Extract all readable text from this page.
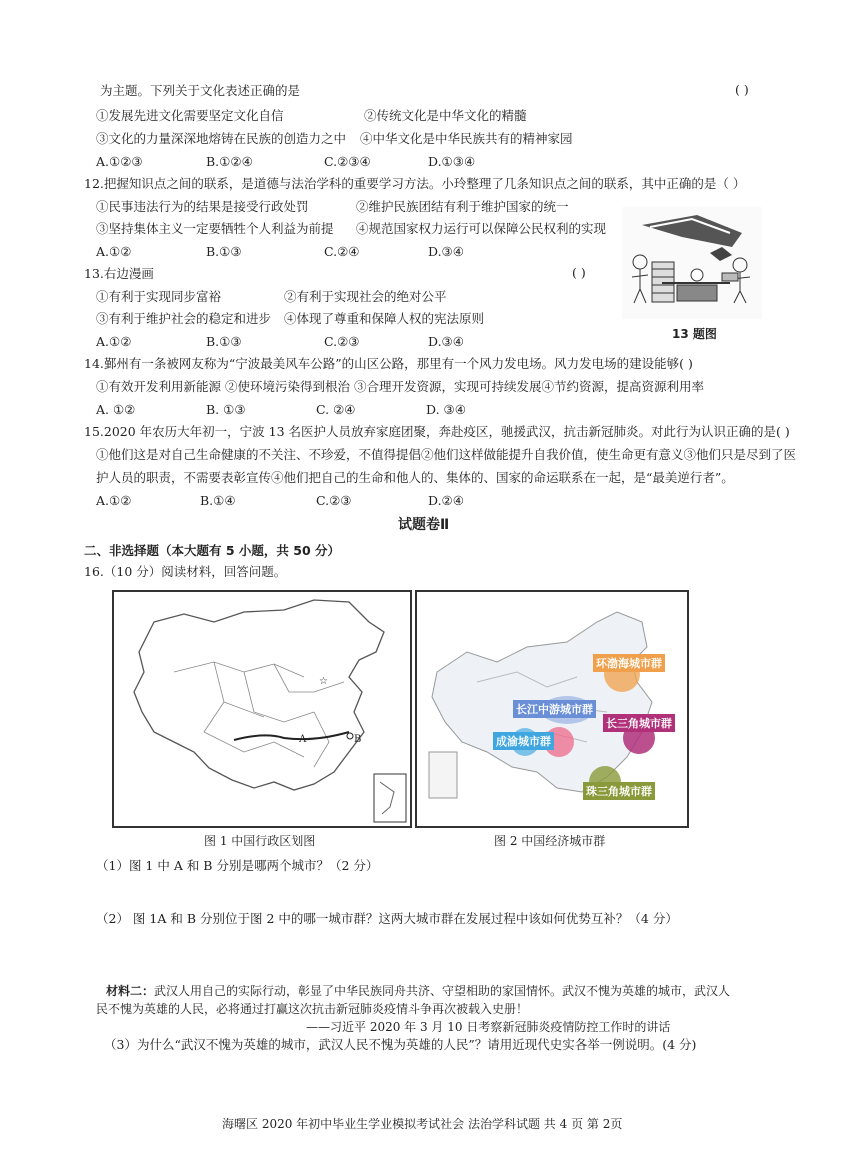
为主题。下列关于文化表述正确的是	( )
①发展先进文化需要坚定文化自信	②传统文化是中华文化的精髓
③文化的力量深深地熔铸在民族的创造力之中 ④中华文化是中华民族共有的精神家园
A.①②③	B.①②④	C.②③④	D.①③④
12.把握知识点之间的联系，是道德与法治学科的重要学习方法。小玲整理了几条知识点之间的联系，其中正确的是（ ）
①民事违法行为的结果是接受行政处罚	②维护民族团结有利于维护国家的统一
③坚持集体主义一定要牺牲个人利益为前提 ④规范国家权力运行可以保障公民权利的实现
A.①②	B.①③	C.②④	D.③④
13 题图
13.右边漫画	( )
①有利于实现同步富裕	②有利于实现社会的绝对公平
③有利于维护社会的稳定和进步 ④体现了尊重和保障人权的宪法原则
A.①②	B.①③	C.②③	D.③④
14.鄞州有一条被网友称为“宁波最美风车公路”的山区公路，那里有一个风力发电场。风力发电场的建设能够( )
①有效开发利用新能源 ②使环境污染得到根治 ③合理开发资源，实现可持续发展④节约资源，提高资源利用率
A. ①②	B. ①③	C. ②④	D. ③④
15.2020 年农历大年初一，宁波 13 名医护人员放弃家庭团聚，奔赴疫区，驰援武汉，抗击新冠肺炎。对此行为认识正确的是( )
①他们这是对自己生命健康的不关注、不珍爱，不值得提倡②他们这样做能提升自我价值，使生命更有意义③他们只是尽到了医
护人员的职责，不需要表彰宣传④他们把自己的生命和他人的、集体的、国家的命运联系在一起，是“最美逆行者”。
A.①②	B.①④	C.②③	D.②④
试题卷Ⅱ
二、非选择题（本大题有 5 小题，共 50 分）
16.（10 分）阅读材料，回答问题。
☆
B
A
图 1 中国行政区划图
环渤海城市群
长江中游城市群
长三角城市群
成渝城市群
珠三角城市群
图 2 中国经济城市群
（1）图 1 中 A 和 B 分别是哪两个城市？（2 分）
（2） 图 1A 和 B 分别位于图 2 中的哪一城市群？这两大城市群在发展过程中该如何优势互补？（4 分）
材料二：武汉人用自己的实际行动，彰显了中华民族同舟共济、守望相助的家国情怀。武汉不愧为英雄的城市，武汉人
民不愧为英雄的人民，必将通过打赢这次抗击新冠肺炎疫情斗争再次被载入史册！
——习近平 2020 年 3 月 10 日考察新冠肺炎疫情防控工作时的讲话
（3）为什么“武汉不愧为英雄的城市，武汉人民不愧为英雄的人民”？请用近现代史实各举一例说明。(4 分)
海曙区 2020 年初中毕业生学业模拟考试社会 法治学科试题 共 4 页 第 2页
